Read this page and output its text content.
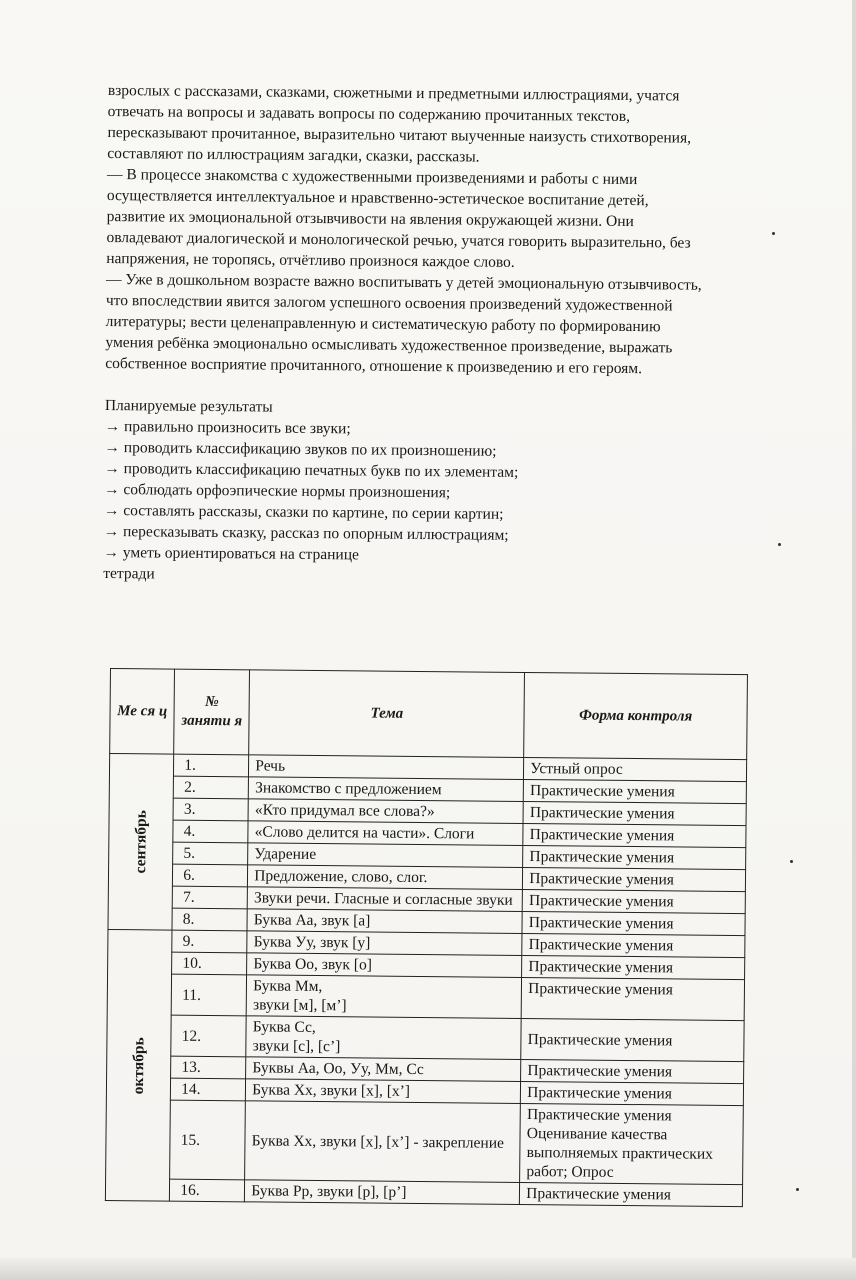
взрослых с рассказами, сказками, сюжетными и предметными иллюстрациями, учатся отвечать на вопросы и задавать вопросы по содержанию прочитанных текстов, пересказывают прочитанное, выразительно читают выученные наизусть стихотворения, составляют по иллюстрациям загадки, сказки, рассказы.

— В процессе знакомства с художественными произведениями и работы с ними осуществляется интеллектуальное и нравственно-эстетическое воспитание детей, развитие их эмоциональной отзывчивости на явления окружающей жизни. Они овладевают диалогической и монологической речью, учатся говорить выразительно, без напряжения, не торопясь, отчётливо произнося каждое слово.

— Уже в дошкольном возрасте важно воспитывать у детей эмоциональную отзывчивость, что впоследствии явится залогом успешного освоения произведений художественной литературы; вести целенаправленную и систематическую работу по формированию умения ребёнка эмоционально осмысливать художественное произведение, выражать собственное восприятие прочитанного, отношение к произведению и его героям.

Планируемые результаты

→ правильно произносить все звуки;

→ проводить классификацию звуков по их произношению;

→ проводить классификацию печатных букв по их элементам;

→ соблюдать орфоэпические нормы произношения;

→ составлять рассказы, сказки по картине, по серии картин;

→ пересказывать сказку, рассказ по опорным иллюстрациям;

→ уметь ориентироваться на странице

тетради

Ме ся ц	№ заняти я	Тема	Форма контроля
сентябрь	1.	Речь	Устный опрос
	2.	Знакомство с предложением	Практические умения
	3.	«Кто придумал все слова?»	Практические умения
	4.	«Слово делится на части». Слоги	Практические умения
	5.	Ударение	Практические умения
	6.	Предложение, слово, слог.	Практические умения
	7.	Звуки речи. Гласные и согласные звуки	Практические умения
	8.	Буква Аа, звук [а]	Практические умения
октябрь	9.	Буква Уу, звук [у]	Практические умения
	10.	Буква Оо, звук [о]	Практические умения
	11.	Буква Мм,
звуки [м], [м’]	Практические умения
	12.	Буква Сс,
звуки [с], [с’]	Практические умения
	13.	Буквы Аа, Оо, Уу, Мм, Сс	Практические умения
	14.	Буква Хх, звуки [х], [х’]	Практические умения
	15.	Буква Хх, звуки [х], [х’] - закрепление	Практические умения
Оценивание качества выполняемых практических работ; Опрос

	16.	Буква Рр, звуки [р], [р’]	Практические умения
